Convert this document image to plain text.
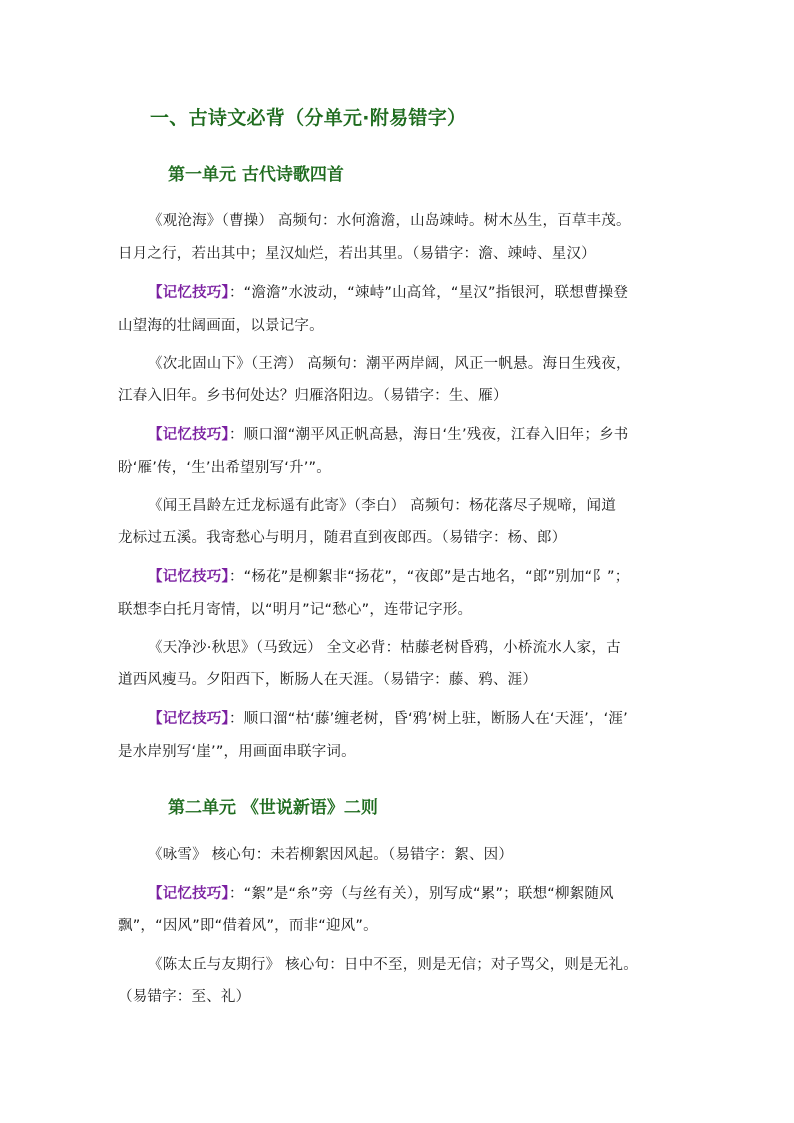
一、古诗文必背（分单元·附易错字）
第一单元 古代诗歌四首
《观沧海》（曹操） 高频句：水何澹澹，山岛竦峙。树木丛生，百草丰茂。
日月之行，若出其中；星汉灿烂，若出其里。（易错字：澹、竦峙、星汉）
【记忆技巧】：“澹澹”水波动，“竦峙”山高耸，“星汉”指银河，联想曹操登
山望海的壮阔画面，以景记字。
《次北固山下》（王湾） 高频句：潮平两岸阔，风正一帆悬。海日生残夜，
江春入旧年。乡书何处达？归雁洛阳边。（易错字：生、雁）
【记忆技巧】：顺口溜“潮平风正帆高悬，海日‘生’残夜，江春入旧年；乡书
盼‘雁’传，‘生’出希望别写‘升’”。
《闻王昌龄左迁龙标遥有此寄》（李白） 高频句：杨花落尽子规啼，闻道
龙标过五溪。我寄愁心与明月，随君直到夜郎西。（易错字：杨、郎）
【记忆技巧】：“杨花”是柳絮非“扬花”，“夜郎”是古地名，“郎”别加“阝”；
联想李白托月寄情，以“明月”记“愁心”，连带记字形。
《天净沙·秋思》（马致远） 全文必背：枯藤老树昏鸦，小桥流水人家，古
道西风瘦马。夕阳西下，断肠人在天涯。（易错字：藤、鸦、涯）
【记忆技巧】：顺口溜“枯‘藤’缠老树，昏‘鸦’树上驻，断肠人在‘天涯’，‘涯’
是水岸别写‘崖’”，用画面串联字词。
第二单元 《世说新语》二则
《咏雪》 核心句：未若柳絮因风起。（易错字：絮、因）
【记忆技巧】：“絮”是“糸”旁（与丝有关），别写成“累”；联想“柳絮随风
飘”，“因风”即“借着风”，而非“迎风”。
《陈太丘与友期行》 核心句：日中不至，则是无信；对子骂父，则是无礼。
（易错字：至、礼）
